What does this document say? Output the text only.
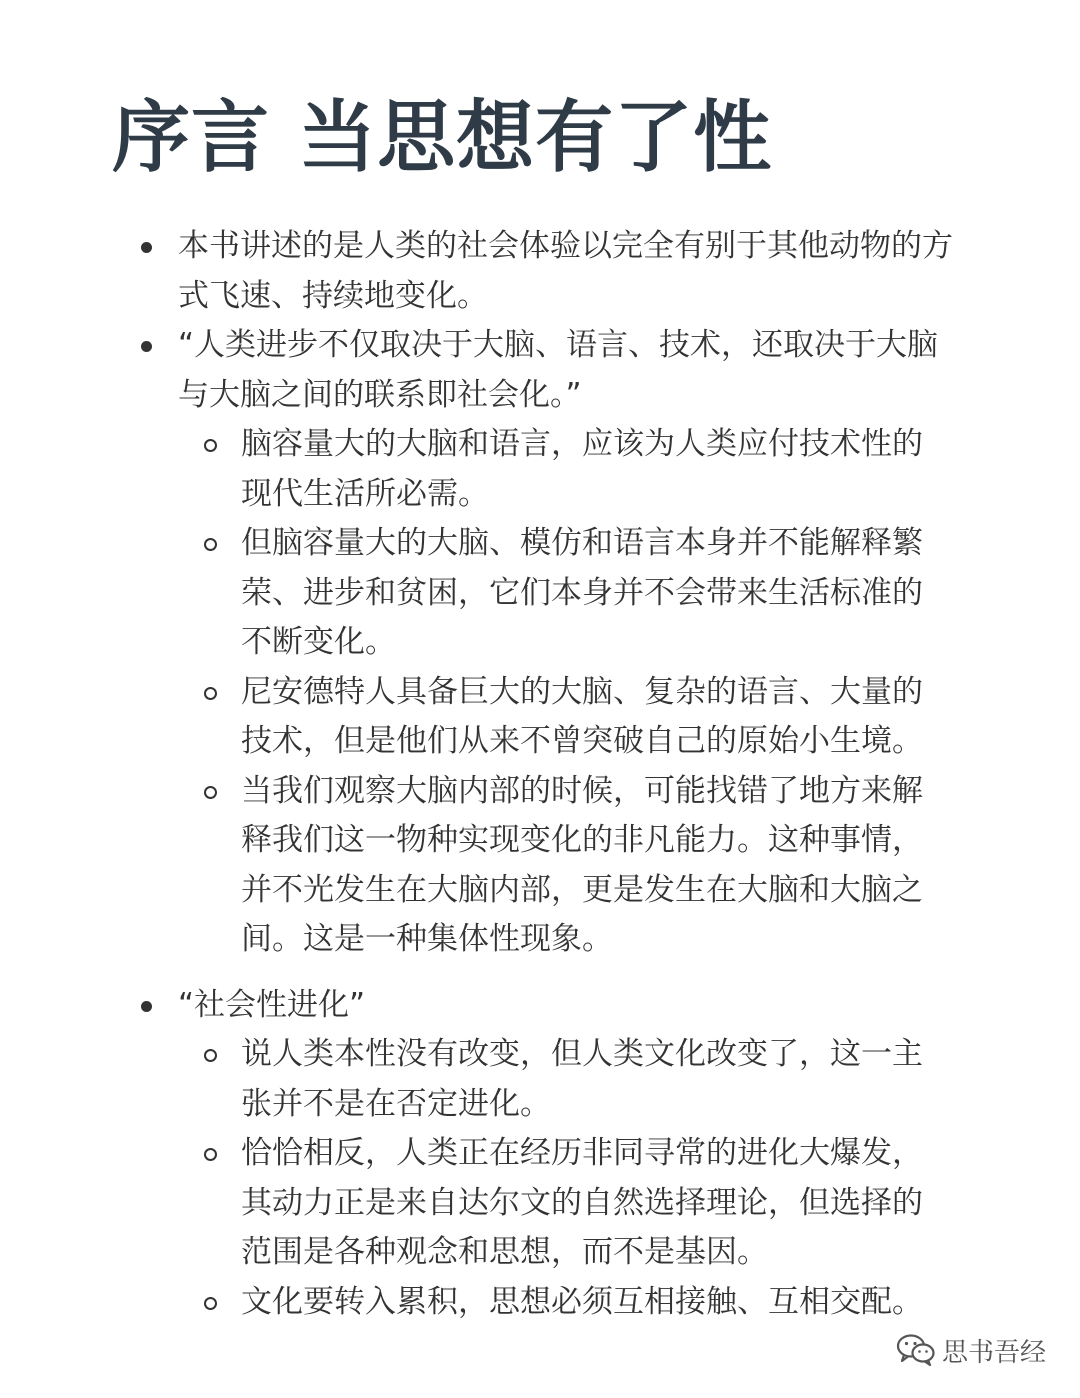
序言 当思想有了性
本书讲述的是人类的社会体验以完全有别于其他动物的方式飞速、持续地变化。
“人类进步不仅取决于大脑、语言、技术，还取决于大脑与大脑之间的联系即社会化。”
脑容量大的大脑和语言，应该为人类应付技术性的现代生活所必需。
但脑容量大的大脑、模仿和语言本身并不能解释繁荣、进步和贫困，它们本身并不会带来生活标准的不断变化。
尼安德特人具备巨大的大脑、复杂的语言、大量的技术，但是他们从来不曾突破自己的原始小生境。
当我们观察大脑内部的时候，可能找错了地方来解释我们这一物种实现变化的非凡能力。这种事情，并不光发生在大脑内部，更是发生在大脑和大脑之间。这是一种集体性现象。
“社会性进化”
说人类本性没有改变，但人类文化改变了，这一主张并不是在否定进化。
恰恰相反，人类正在经历非同寻常的进化大爆发，其动力正是来自达尔文的自然选择理论，但选择的范围是各种观念和思想，而不是基因。
文化要转入累积，思想必须互相接触、互相交配。
思书吾经
